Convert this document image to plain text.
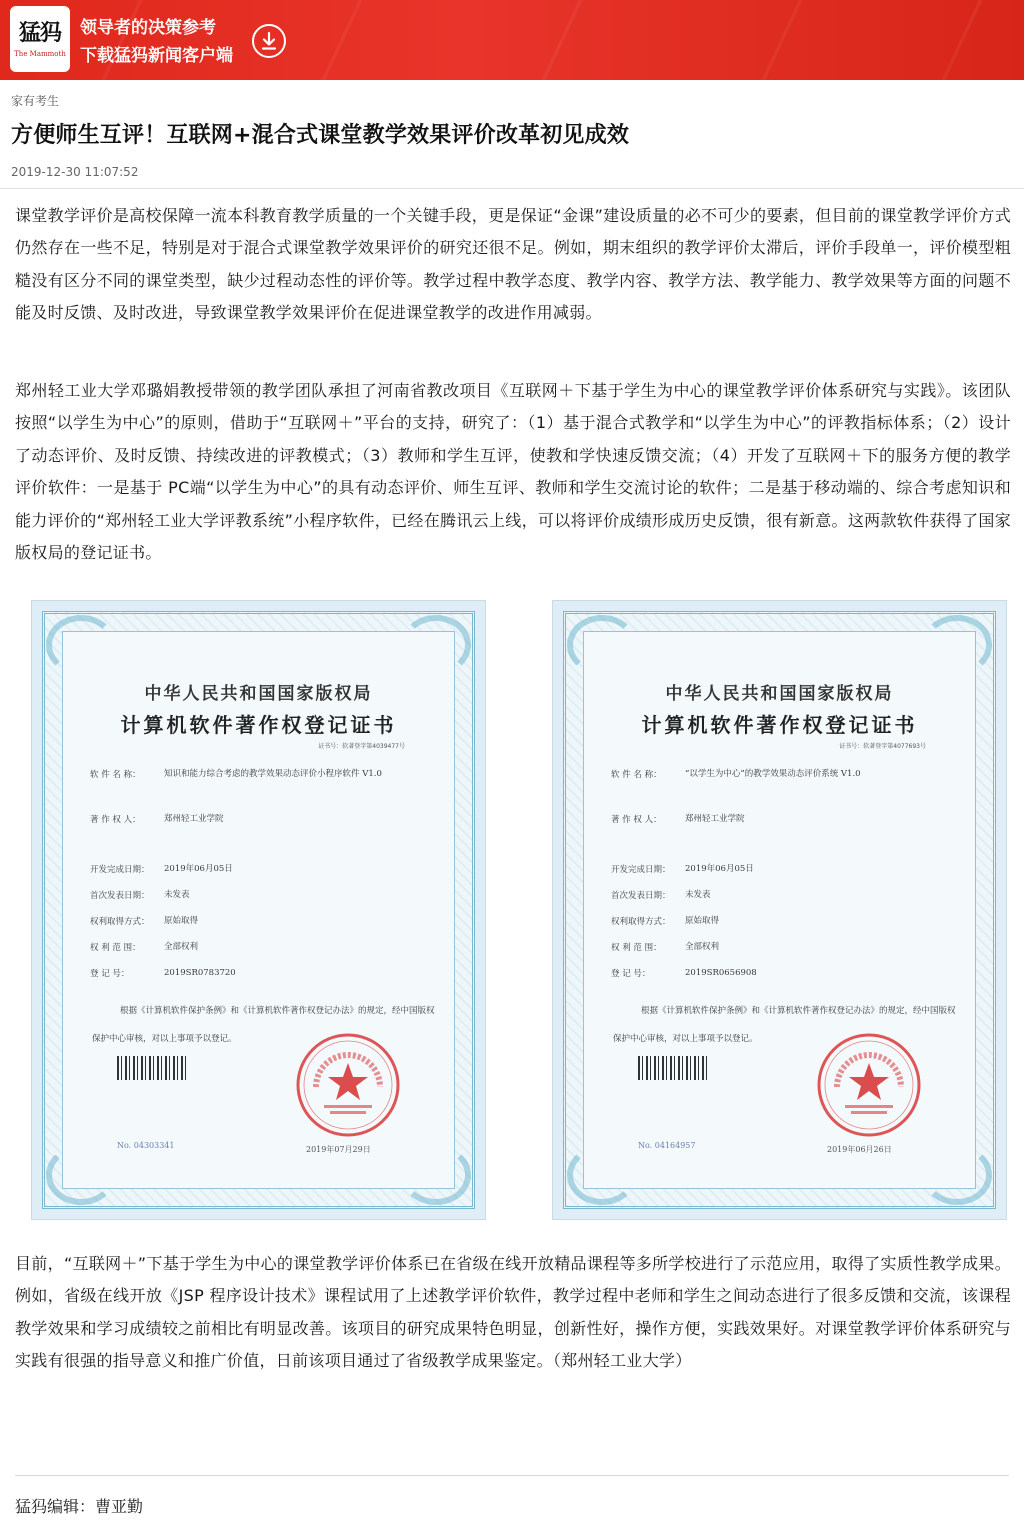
猛犸
The Mammoth
领导者的决策参考
下载猛犸新闻客户端
家有考生
方便师生互评！互联网+混合式课堂教学效果评价改革初见成效
2019-12-30 11:07:52

课堂教学评价是高校保障一流本科教育教学质量的一个关键手段，更是保证“金课”建设质量的必不可少的要素，但目前的课堂教学评价方式仍然存在一些不足，特别是对于混合式课堂教学效果评价的研究还很不足。例如，期末组织的教学评价太滞后，评价手段单一，评价模型粗糙没有区分不同的课堂类型，缺少过程动态性的评价等。教学过程中教学态度、教学内容、教学方法、教学能力、教学效果等方面的问题不能及时反馈、及时改进，导致课堂教学效果评价在促进课堂教学的改进作用减弱。

郑州轻工业大学邓璐娟教授带领的教学团队承担了河南省教改项目《互联网＋下基于学生为中心的课堂教学评价体系研究与实践》。该团队按照“以学生为中心”的原则，借助于“互联网＋”平台的支持，研究了：（1）基于混合式教学和“以学生为中心”的评教指标体系；（2）设计了动态评价、及时反馈、持续改进的评教模式；（3）教师和学生互评，使教和学快速反馈交流；（4）开发了互联网＋下的服务方便的教学评价软件：一是基于 PC端“以学生为中心”的具有动态评价、师生互评、教师和学生交流讨论的软件；二是基于移动端的、综合考虑知识和能力评价的“郑州轻工业大学评教系统”小程序软件，已经在腾讯云上线，可以将评价成绩形成历史反馈，很有新意。这两款软件获得了国家版权局的登记证书。

中华人民共和国国家版权局
计算机软件著作权登记证书
证书号：软著登字第4039477号
软 件 名 称：	知识和能力综合考虑的教学效果动态评价小程序软件 V1.0
著 作 权 人：	郑州轻工业学院
开发完成日期： 2019年06月05日
首次发表日期： 未发表
权利取得方式： 原始取得
权 利 范 围：	全部权利
登 记 号：	2019SR0783720
根据《计算机软件保护条例》和《计算机软件著作权登记办法》的规定，经中国版权保护中心审核，对以上事项予以登记。
No. 04303341	2019年07月29日
中华人民共和国国家版权局
计算机软件著作权登记证书
证书号：软著登字第4077693号
软 件 名 称：	“以学生为中心”的教学效果动态评价系统 V1.0
著 作 权 人：	郑州轻工业学院
开发完成日期： 2019年06月05日
首次发表日期： 未发表
权利取得方式： 原始取得
权 利 范 围：	全部权利
登 记 号：	2019SR0656908
根据《计算机软件保护条例》和《计算机软件著作权登记办法》的规定，经中国版权保护中心审核，对以上事项予以登记。
No. 04164957	2019年06月26日

目前，“互联网＋”下基于学生为中心的课堂教学评价体系已在省级在线开放精品课程等多所学校进行了示范应用，取得了实质性教学成果。例如，省级在线开放《JSP 程序设计技术》课程试用了上述教学评价软件，教学过程中老师和学生之间动态进行了很多反馈和交流，该课程教学效果和学习成绩较之前相比有明显改善。该项目的研究成果特色明显，创新性好，操作方便，实践效果好。对课堂教学评价体系研究与实践有很强的指导意义和推广价值，日前该项目通过了省级教学成果鉴定。（郑州轻工业大学）

猛犸编辑：曹亚勤
